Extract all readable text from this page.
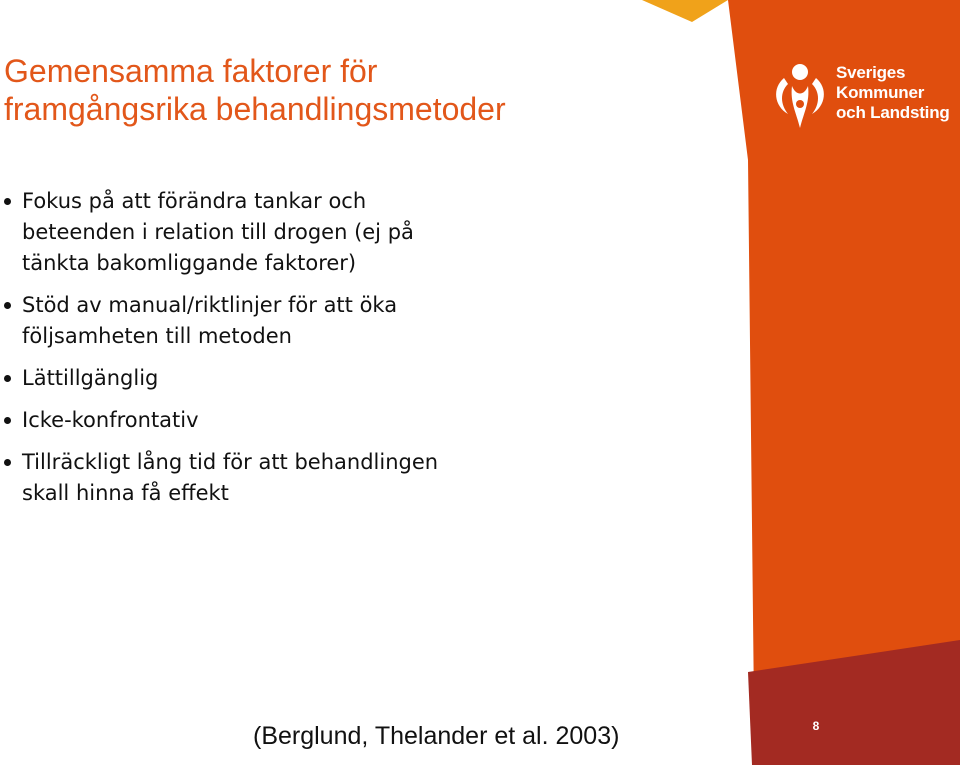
Sveriges
Kommuner
och Landsting
Gemensamma faktorer för
framgångsrika behandlingsmetoder
Fokus på att förändra tankar och
beteenden i relation till drogen (ej på
tänkta bakomliggande faktorer)
Stöd av manual/riktlinjer för att öka
följsamheten till metoden
Lättillgänglig
Icke-konfrontativ
Tillräckligt lång tid för att behandlingen
skall hinna få effekt
(Berglund, Thelander et al. 2003)	8
